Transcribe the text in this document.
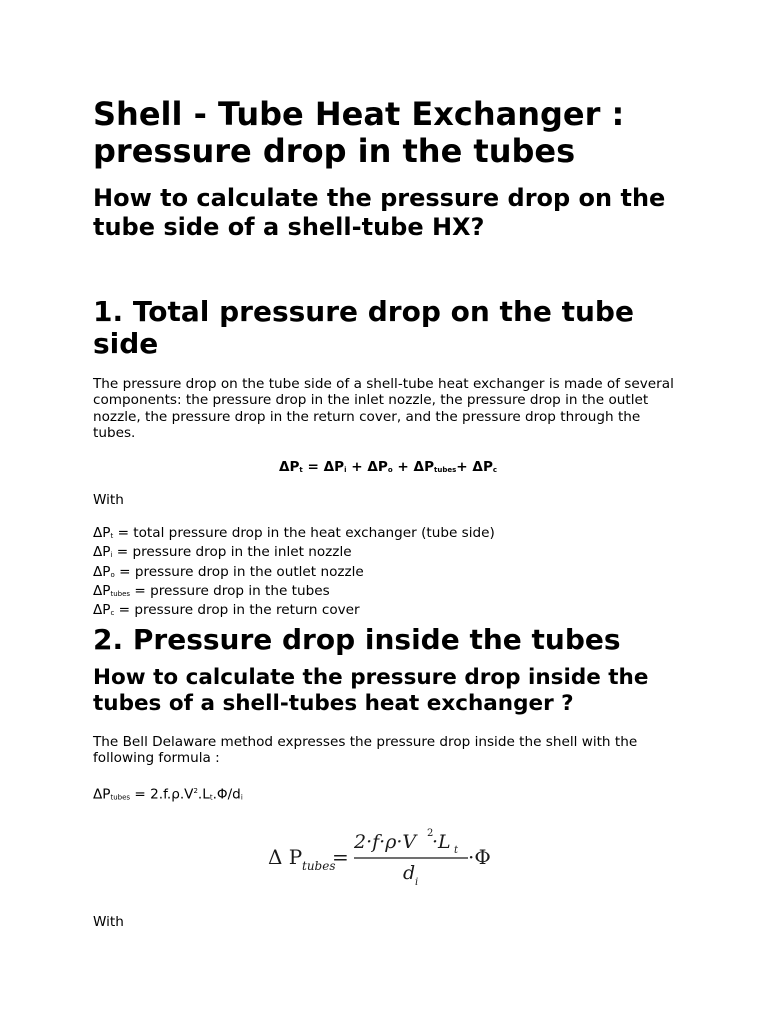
Shell - Tube Heat Exchanger : pressure drop in the tubes
How to calculate the pressure drop on the tube side of a shell-tube HX?
1. Total pressure drop on the tube side

The pressure drop on the tube side of a shell-tube heat exchanger is made of several components: the pressure drop in the inlet nozzle, the pressure drop in the outlet nozzle, the pressure drop in the return cover, and the pressure drop through the tubes.

ΔPt = ΔPi + ΔPo + ΔPtubes+ ΔPc

With

ΔPt = total pressure drop in the heat exchanger (tube side)
ΔPi = pressure drop in the inlet nozzle
ΔPo = pressure drop in the outlet nozzle
ΔPtubes = pressure drop in the tubes
ΔPc = pressure drop in the return cover
2. Pressure drop inside the tubes
How to calculate the pressure drop inside the tubes of a shell-tubes heat exchanger ?

The Bell Delaware method expresses the pressure drop inside the shell with the following formula :

ΔPtubes = $2.f.\rho.V^2.Lt.\Phi/di$
Δ P tubes
=
2·f·ρ·V 2
·L t
d i
·Φ

With
